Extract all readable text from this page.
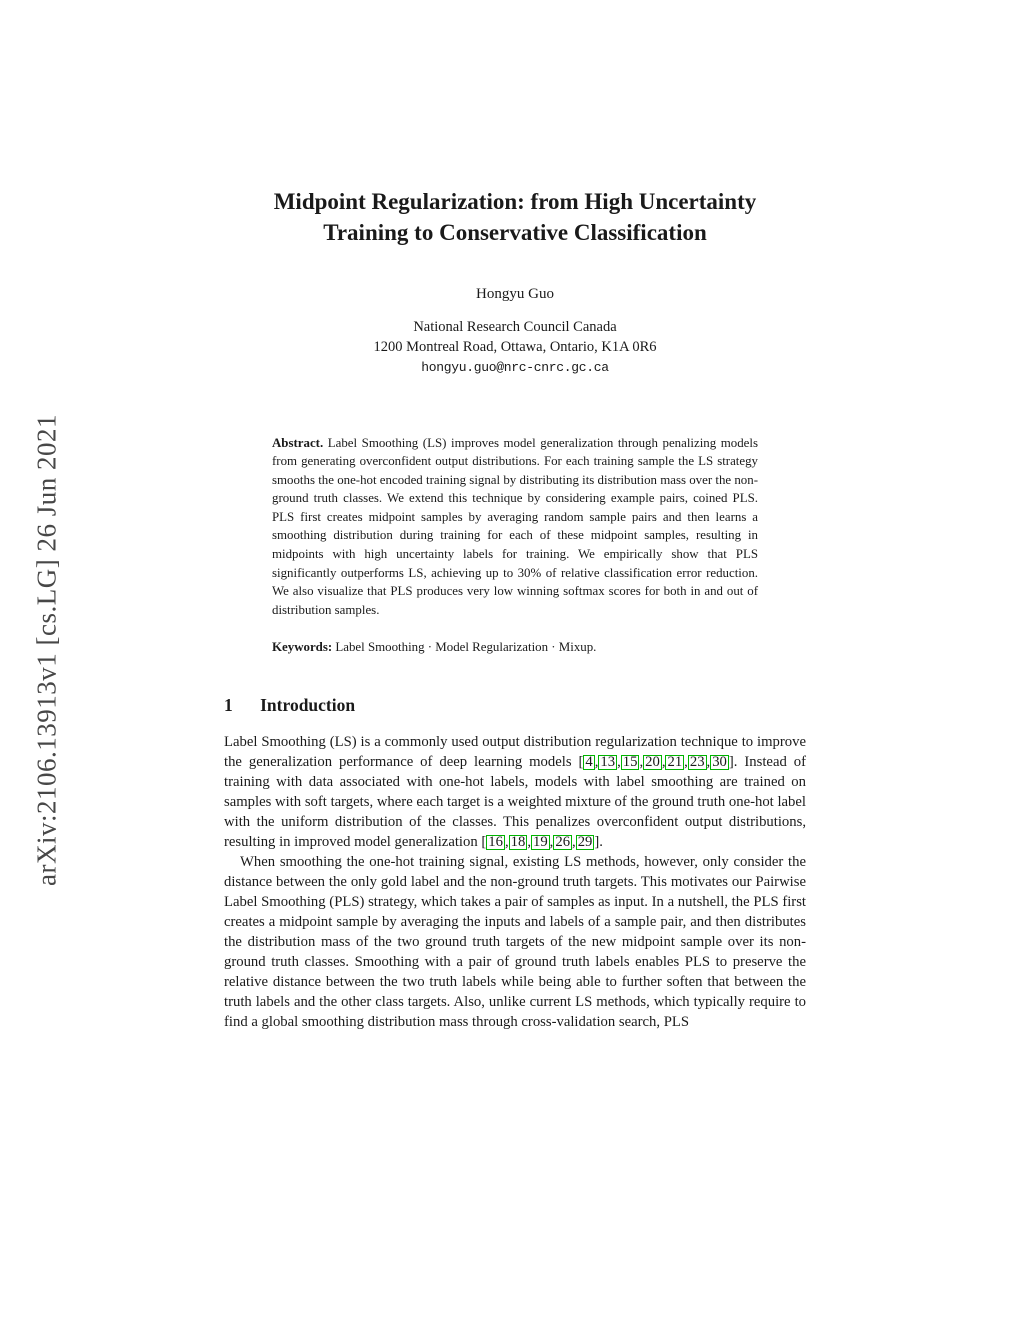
arXiv:2106.13913v1 [cs.LG] 26 Jun 2021
Midpoint Regularization: from High Uncertainty
Training to Conservative Classification
Hongyu Guo
National Research Council Canada
1200 Montreal Road, Ottawa, Ontario, K1A 0R6
hongyu.guo@nrc-cnrc.gc.ca
Abstract. Label Smoothing (LS) improves model generalization through penalizing models from generating overconfident output distributions. For each training sample the LS strategy smooths the one-hot encoded training signal by distributing its distribution mass over the non-ground truth classes. We extend this technique by considering example pairs, coined PLS. PLS first creates midpoint samples by averaging random sample pairs and then learns a smoothing distribution during training for each of these midpoint samples, resulting in midpoints with high uncertainty labels for training. We empirically show that PLS significantly outperforms LS, achieving up to 30% of relative classification error reduction. We also visualize that PLS produces very low winning softmax scores for both in and out of distribution samples.
Keywords: Label Smoothing · Model Regularization · Mixup.
1 Introduction

Label Smoothing (LS) is a commonly used output distribution regularization technique to improve the generalization performance of deep learning models [ 4 , 13 , 15 , 20 , 21 , 23 , 30 ]. Instead of training with data associated with one-hot labels, models with label smoothing are trained on samples with soft targets, where each target is a weighted mixture of the ground truth one-hot label with the uniform distribution of the classes. This penalizes overconfident output distributions, resulting in improved model generalization [ 16 , 18 , 19 , 26 , 29 ].

When smoothing the one-hot training signal, existing LS methods, however, only consider the distance between the only gold label and the non-ground truth targets. This motivates our Pairwise Label Smoothing (PLS) strategy, which takes a pair of samples as input. In a nutshell, the PLS first creates a midpoint sample by averaging the inputs and labels of a sample pair, and then distributes the distribution mass of the two ground truth targets of the new midpoint sample over its non-ground truth classes. Smoothing with a pair of ground truth labels enables PLS to preserve the relative distance between the two truth labels while being able to further soften that between the truth labels and the other class targets. Also, unlike current LS methods, which typically require to find a global smoothing distribution mass through cross-validation search, PLS
